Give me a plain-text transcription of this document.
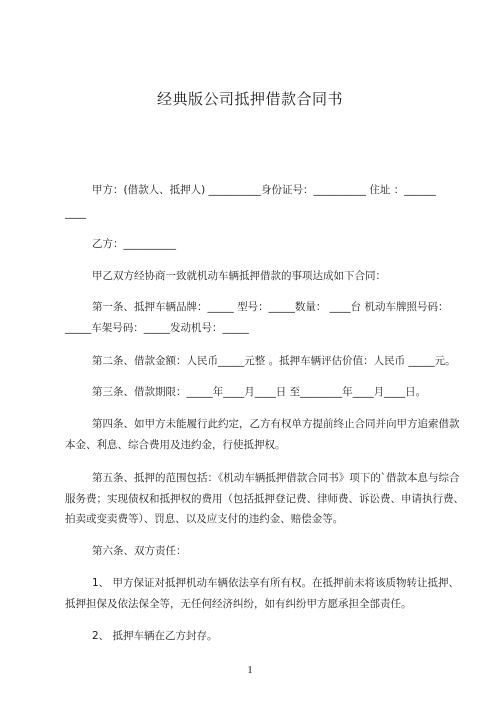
经典版公司抵押借款合同书
甲方：(借款人、抵押人) __________身份证号：__________ 住址 ：______
____
乙方：__________
甲乙双方经协商一致就机动车辆抵押借款的事项达成如下合同：
第一条、抵押车辆品牌：_____ 型号：_____数量： ____台 机动车牌照号码：
_____车架号码：_____发动机号：_____
第二条、借款金额：人民币_____元整 。抵押车辆评估价值：人民币 _____元。
第三条、借款期限：_____年____月____日 至________年____月____日。
第四条、如甲方未能履行此约定，乙方有权单方提前终止合同并向甲方追索借款
本金、利息、综合费用及违约金，行使抵押权。
第五条、抵押的范围包括：《机动车辆抵押借款合同书》项下的`借款本息与综合
服务费；实现债权和抵押权的费用（包括抵押登记费、律师费、诉讼费、申请执行费、
拍卖或变卖费等）、罚息、以及应支付的违约金、赔偿金等。
第六条、双方责任：
1、 甲方保证对抵押机动车辆依法享有所有权。在抵押前未将该质物转让抵押、
抵押担保及依法保全等，无任何经济纠纷，如有纠纷甲方愿承担全部责任。
2、 抵押车辆在乙方封存。
1
